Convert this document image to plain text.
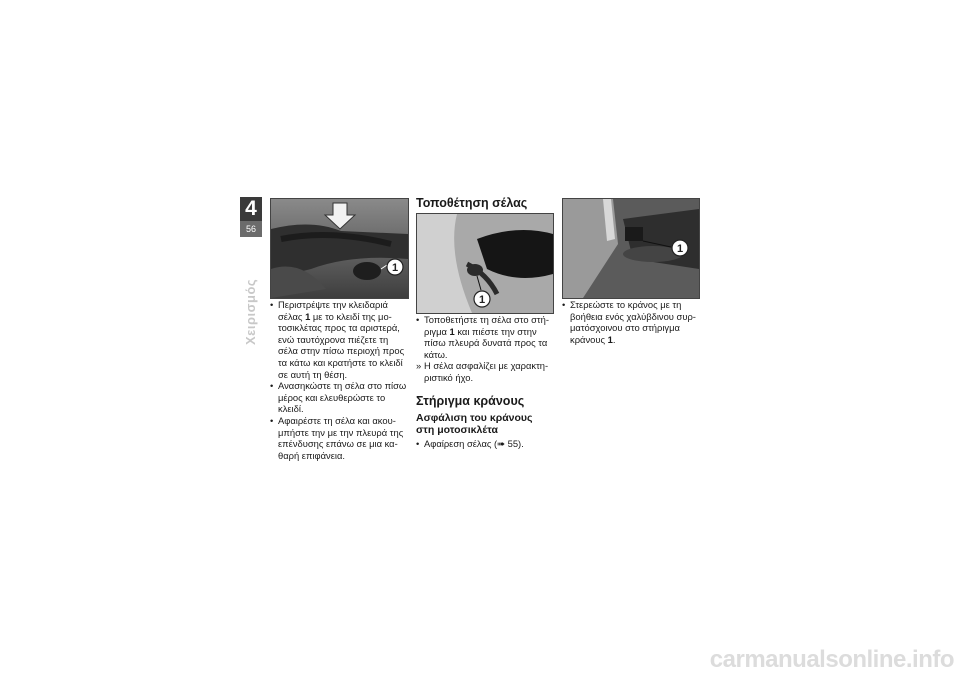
4
56
Χειρισμός
1
1
1
• Περιστρέψτε την κλειδαριά
σέλας 1 με το κλειδί της μο-
τοσικλέτας προς τα αριστερά,
ενώ ταυτόχρονα πιέζετε τη
σέλα στην πίσω περιοχή προς
τα κάτω και κρατήστε το κλειδί
σε αυτή τη θέση.
• Ανασηκώστε τη σέλα στο πίσω
μέρος και ελευθερώστε το
κλειδί.
• Αφαιρέστε τη σέλα και ακου-
μπήστε την με την πλευρά της
επένδυσης επάνω σε μια κα-
θαρή επιφάνεια.
Τοποθέτηση σέλας
• Τοποθετήστε τη σέλα στο στή-
ριγμα 1 και πιέστε την στην
πίσω πλευρά δυνατά προς τα
κάτω.
» Η σέλα ασφαλίζει με χαρακτη-
ριστικό ήχο.
Στήριγμα κράνους
Ασφάλιση του κράνους
στη μοτοσικλέτα
• Αφαίρεση σέλας (➠ 55).
• Στερεώστε το κράνος με τη
βοήθεια ενός χαλύβδινου συρ-
ματόσχοινου στο στήριγμα
κράνους 1.
carmanualsonline.info
